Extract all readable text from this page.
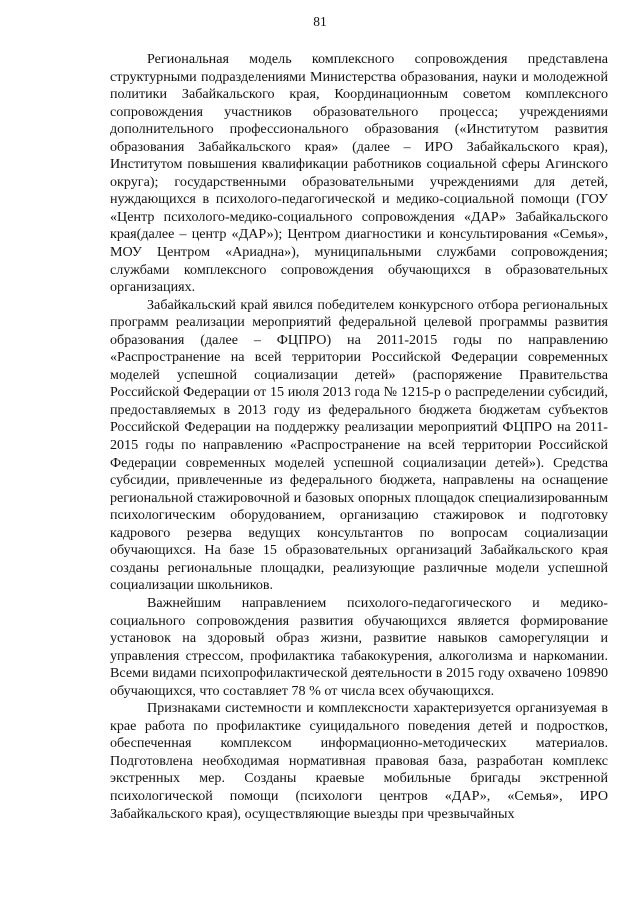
81

Региональная модель комплексного сопровождения представлена структурными подразделениями Министерства образования, науки и молодежной политики Забайкальского края, Координационным советом комплексного сопровождения участников образовательного процесса; учреждениями дополнительного профессионального образования («Институтом развития образования Забайкальского края» (далее – ИРО Забайкальского края), Институтом повышения квалификации работников социальной сферы Агинского округа); государственными образовательными учреждениями для детей, нуждающихся в психолого-педагогической и медико-социальной помощи (ГОУ «Центр психолого-медико-социального сопровождения «ДАР» Забайкальского края(далее – центр «ДАР»); Центром диагностики и консультирования «Семья», МОУ Центром «Ариадна»), муниципальными службами сопровождения; службами комплексного сопровождения обучающихся в образовательных организациях.

Забайкальский край явился победителем конкурсного отбора региональных программ реализации мероприятий федеральной целевой программы развития образования (далее – ФЦПРО) на 2011-2015 годы по направлению «Распространение на всей территории Российской Федерации современных моделей успешной социализации детей» (распоряжение Правительства Российской Федерации от 15 июля 2013 года № 1215-р о распределении субсидий, предоставляемых в 2013 году из федерального бюджета бюджетам субъектов Российской Федерации на поддержку реализации мероприятий ФЦПРО на 2011-2015 годы по направлению «Распространение на всей территории Российской Федерации современных моделей успешной социализации детей»). Средства субсидии, привлеченные из федерального бюджета, направлены на оснащение региональной стажировочной и базовых опорных площадок специализированным психологическим оборудованием, организацию стажировок и подготовку кадрового резерва ведущих консультантов по вопросам социализации обучающихся. На базе 15 образовательных организаций Забайкальского края созданы региональные площадки, реализующие различные модели успешной социализации школьников.

Важнейшим направлением психолого-педагогического и медико-социального сопровождения развития обучающихся является формирование установок на здоровый образ жизни, развитие навыков саморегуляции и управления стрессом, профилактика табакокурения, алкоголизма и наркомании. Всеми видами психопрофилактической деятельности в 2015 году охвачено 109890 обучающихся, что составляет 78 % от числа всех обучающихся.

Признаками системности и комплексности характеризуется организуемая в крае работа по профилактике суицидального поведения детей и подростков, обеспеченная комплексом информационно-методических материалов. Подготовлена необходимая нормативная правовая база, разработан комплекс экстренных мер. Созданы краевые мобильные бригады экстренной психологической помощи (психологи центров «ДАР», «Семья», ИРО Забайкальского края), осуществляющие выезды при чрезвычайных
